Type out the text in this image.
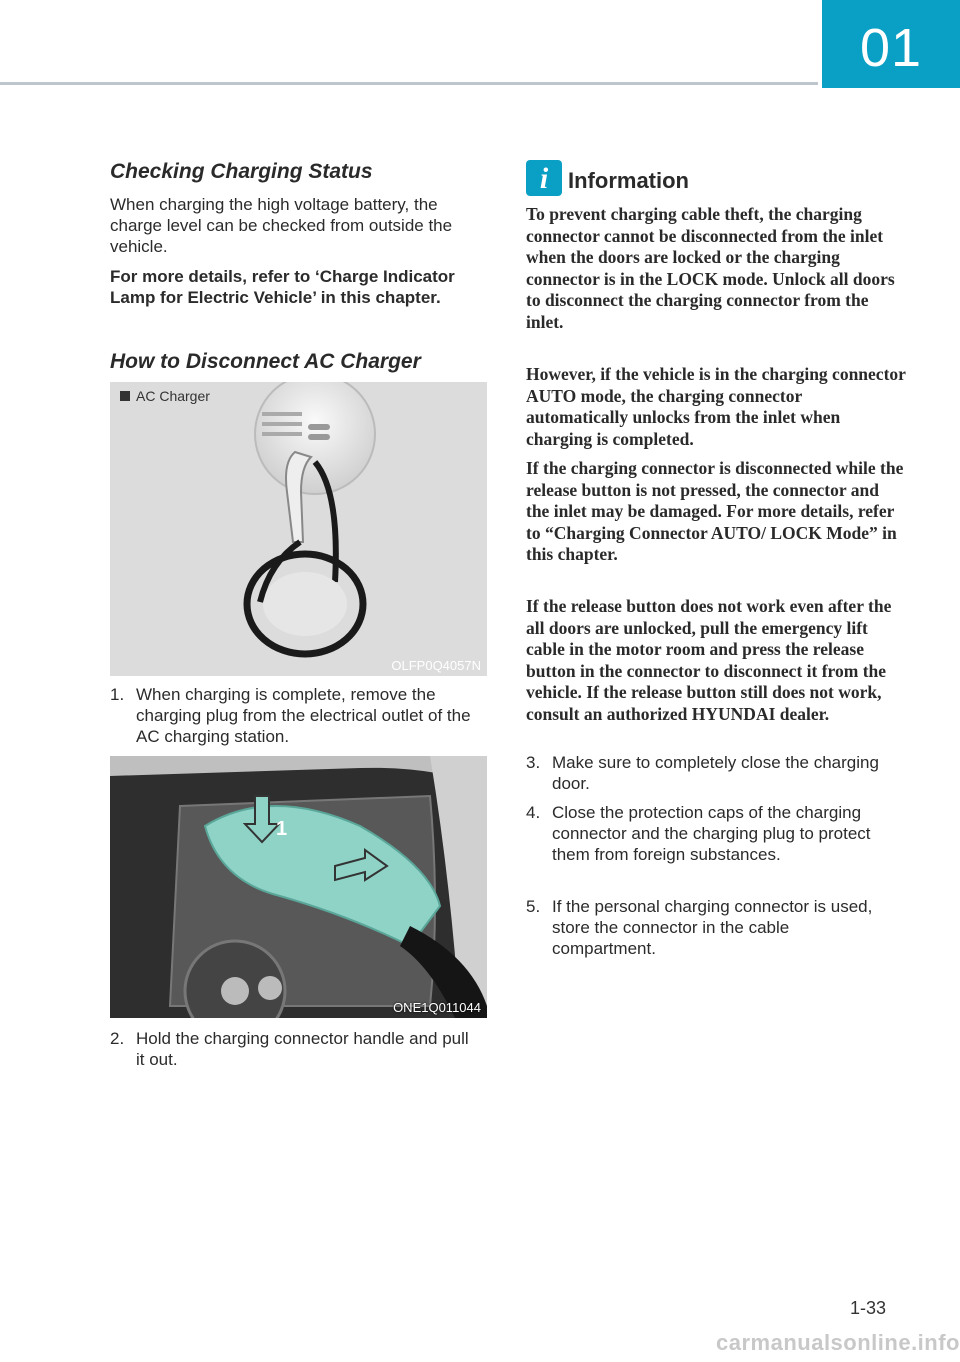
01
Checking Charging Status
When charging the high voltage battery, the charge level can be checked from outside the vehicle.
For more details, refer to ‘Charge Indicator Lamp for Electric Vehicle’ in this chapter.
How to Disconnect AC Charger
AC Charger
OLFP0Q4057N
1. When charging is complete, remove the charging plug from the electrical outlet of the AC charging station.
1
ONE1Q011044
2. Hold the charging connector handle and pull it out.
i Information
To prevent charging cable theft, the charging connector cannot be disconnected from the inlet when the doors are locked or the charging connector is in the LOCK mode. Unlock all doors to disconnect the charging connector from the inlet.
However, if the vehicle is in the charging connector AUTO mode, the charging connector automatically unlocks from the inlet when charging is completed.
If the charging connector is disconnected while the release button is not pressed, the connector and the inlet may be damaged. For more details, refer to “Charging Connector AUTO/ LOCK Mode” in this chapter.
If the release button does not work even after the all doors are unlocked, pull the emergency lift cable in the motor room and press the release button in the connector to disconnect it from the vehicle. If the release button still does not work, consult an authorized HYUNDAI dealer.
3. Make sure to completely close the charging door.
4. Close the protection caps of the charging connector and the charging plug to protect them from foreign substances.
5. If the personal charging connector is used, store the connector in the cable compartment.
1-33
carmanualsonline.info
